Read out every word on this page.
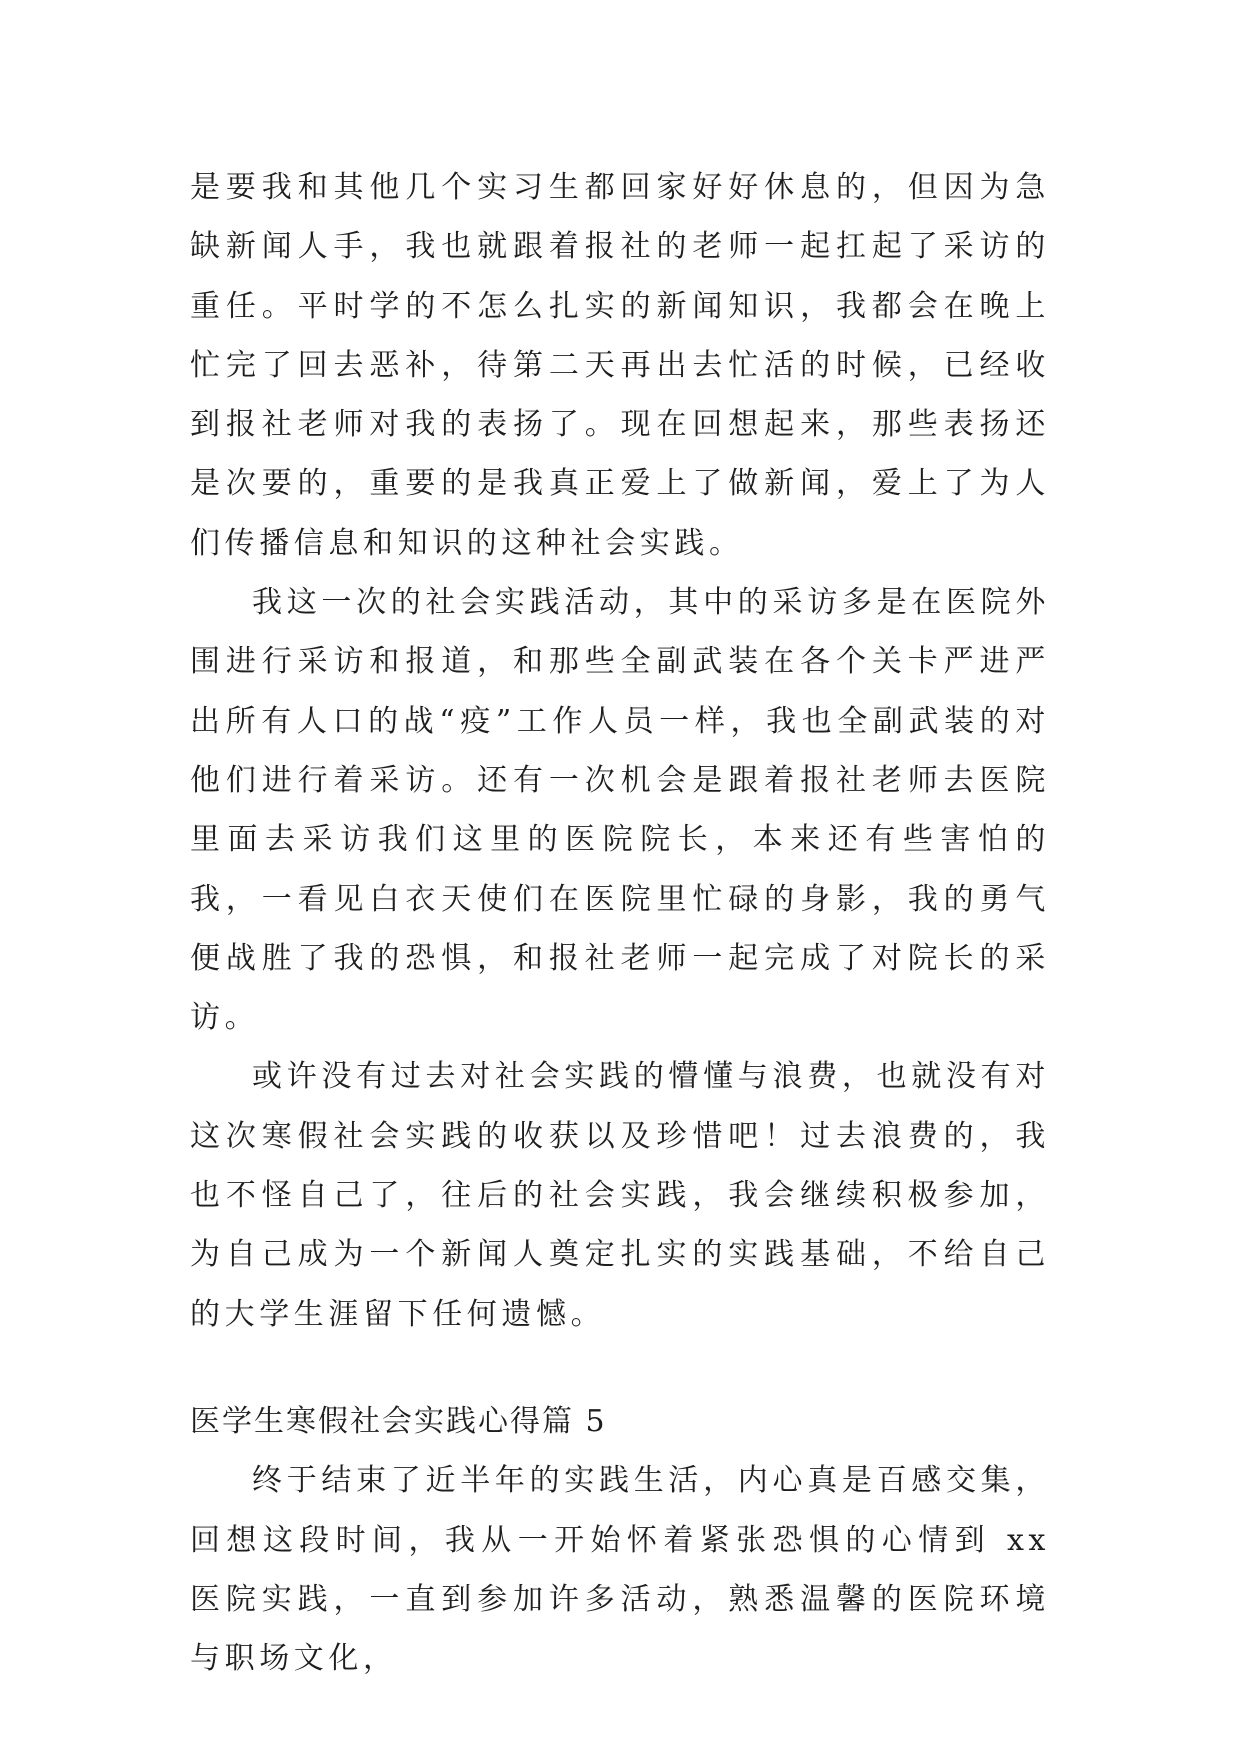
是要我和其他几个实习生都回家好好休息的，但因为急缺新闻人手，我也就跟着报社的老师一起扛起了采访的重任。平时学的不怎么扎实的新闻知识，我都会在晚上忙完了回去恶补，待第二天再出去忙活的时候，已经收到报社老师对我的表扬了。现在回想起来，那些表扬还是次要的，重要的是我真正爱上了做新闻，爱上了为人们传播信息和知识的这种社会实践。

我这一次的社会实践活动，其中的采访多是在医院外围进行采访和报道，和那些全副武装在各个关卡严进严出所有人口的战“疫”工作人员一样，我也全副武装的对他们进行着采访。还有一次机会是跟着报社老师去医院里面去采访我们这里的医院院长，本来还有些害怕的我，一看见白衣天使们在医院里忙碌的身影，我的勇气便战胜了我的恐惧，和报社老师一起完成了对院长的采访。

或许没有过去对社会实践的懵懂与浪费，也就没有对这次寒假社会实践的收获以及珍惜吧！过去浪费的，我也不怪自己了，往后的社会实践，我会继续积极参加，为自己成为一个新闻人奠定扎实的实践基础，不给自己的大学生涯留下任何遗憾。

医学生寒假社会实践心得篇 5

终于结束了近半年的实践生活，内心真是百感交集，回想这段时间，我从一开始怀着紧张恐惧的心情到 xx 医院实践，一直到参加许多活动，熟悉温馨的医院环境与职场文化，
